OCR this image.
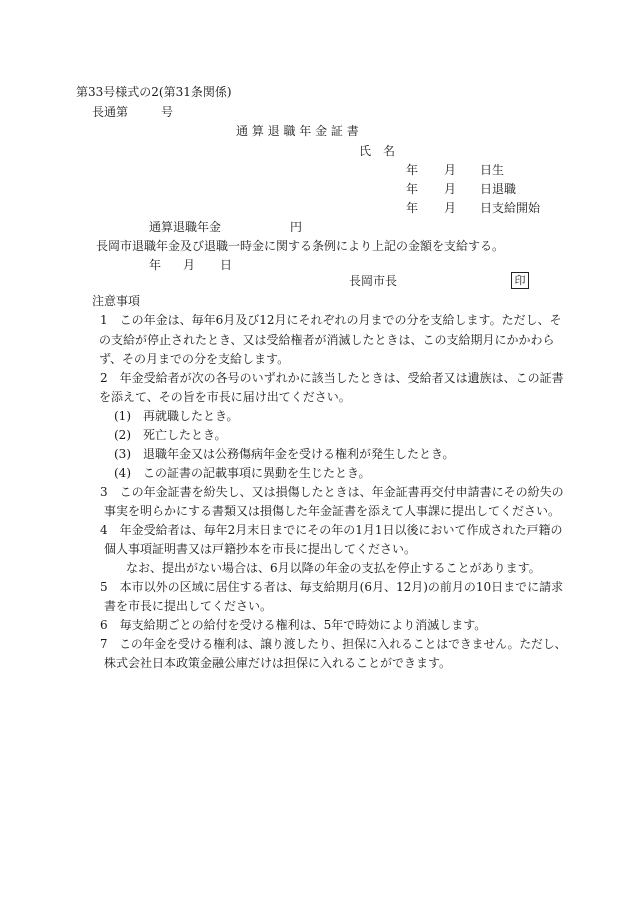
第33号様式の2(第31条関係)
長通第	号
通 算 退 職 年 金 証 書
氏　名
年 月 日生
年 月 日退職
年 月 日支給開始
通算退職年金	円
長岡市退職年金及び退職一時金に関する条例により上記の金額を支給する。
年 月 日
長岡市長	印
注意事項
1　この年金は、毎年6月及び12月にそれぞれの月までの分を支給します。ただし、そ
の支給が停止されたとき、又は受給権者が消滅したときは、この支給期月にかかわら
ず、その月までの分を支給します。
2　年金受給者が次の各号のいずれかに該当したときは、受給者又は遺族は、この証書
を添えて、その旨を市長に届け出てください。
(1)　再就職したとき。
(2)　死亡したとき。
(3)　退職年金又は公務傷病年金を受ける権利が発生したとき。
(4)　この証書の記載事項に異動を生じたとき。
3　この年金証書を紛失し、又は損傷したときは、年金証書再交付申請書にその紛失の
事実を明らかにする書類又は損傷した年金証書を添えて人事課に提出してください。
4　年金受給者は、毎年2月末日までにその年の1月1日以後において作成された戸籍の
個人事項証明書又は戸籍抄本を市長に提出してください。
なお、提出がない場合は、6月以降の年金の支払を停止することがあります。
5　本市以外の区域に居住する者は、毎支給期月(6月、12月)の前月の10日までに請求
書を市長に提出してください。
6　毎支給期ごとの給付を受ける権利は、5年で時効により消滅します。
7　この年金を受ける権利は、譲り渡したり、担保に入れることはできません。ただし、
株式会社日本政策金融公庫だけは担保に入れることができます。
